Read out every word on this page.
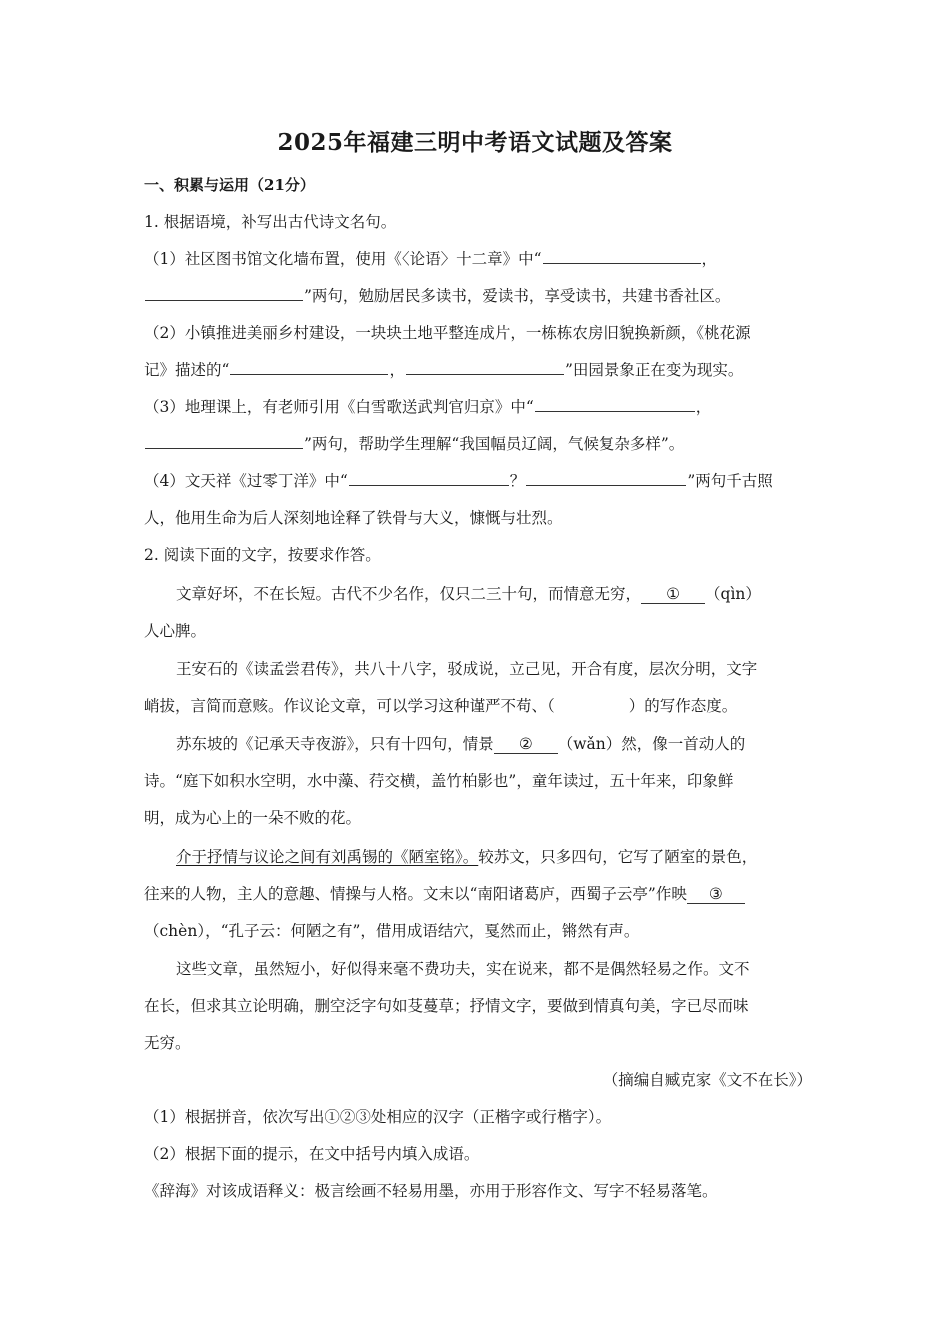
2025年福建三明中考语文试题及答案
一、积累与运用（21分）
1. 根据语境，补写出古代诗文名句。
（1）社区图书馆文化墙布置，使用《〈论语〉十二章》中“	，
”两句，勉励居民多读书，爱读书，享受读书，共建书香社区。
（2）小镇推进美丽乡村建设，一块块土地平整连成片，一栋栋农房旧貌换新颜，《桃花源
记》描述的“	，	”田园景象正在变为现实。
（3）地理课上，有老师引用《白雪歌送武判官归京》中“	，
”两句，帮助学生理解“我国幅员辽阔，气候复杂多样”。
（4）文天祥《过零丁洋》中“	？	”两句千古照
人，他用生命为后人深刻地诠释了铁骨与大义，慷慨与壮烈。
2. 阅读下面的文字，按要求作答。
文章好坏，不在长短。古代不少名作，仅只二三十句，而情意无穷， ① （qìn）
人心脾。
王安石的《读孟尝君传》，共八十八字，驳成说，立己见，开合有度，层次分明，文字
峭拔，言简而意赅。作议论文章，可以学习这种谨严不苟、（	）的写作态度。
苏东坡的《记承天寺夜游》，只有十四句，情景 ② （wǎn）然，像一首动人的
诗。“庭下如积水空明，水中藻、荇交横，盖竹柏影也”，童年读过，五十年来，印象鲜
明，成为心上的一朵不败的花。
介于抒情与议论之间有刘禹锡的《陋室铭》。较苏文，只多四句，它写了陋室的景色，
往来的人物，主人的意趣、情操与人格。文末以“南阳诸葛庐，西蜀子云亭”作映 ③
（chèn），“孔子云：何陋之有”，借用成语结穴，戛然而止，锵然有声。
这些文章，虽然短小，好似得来毫不费功夫，实在说来，都不是偶然轻易之作。文不
在长，但求其立论明确，删空泛字句如芟蔓草；抒情文字，要做到情真句美，字已尽而味
无穷。
（摘编自臧克家《文不在长》）
（1）根据拼音，依次写出①②③处相应的汉字（正楷字或行楷字）。
（2）根据下面的提示，在文中括号内填入成语。
《辞海》对该成语释义：极言绘画不轻易用墨，亦用于形容作文、写字不轻易落笔。
